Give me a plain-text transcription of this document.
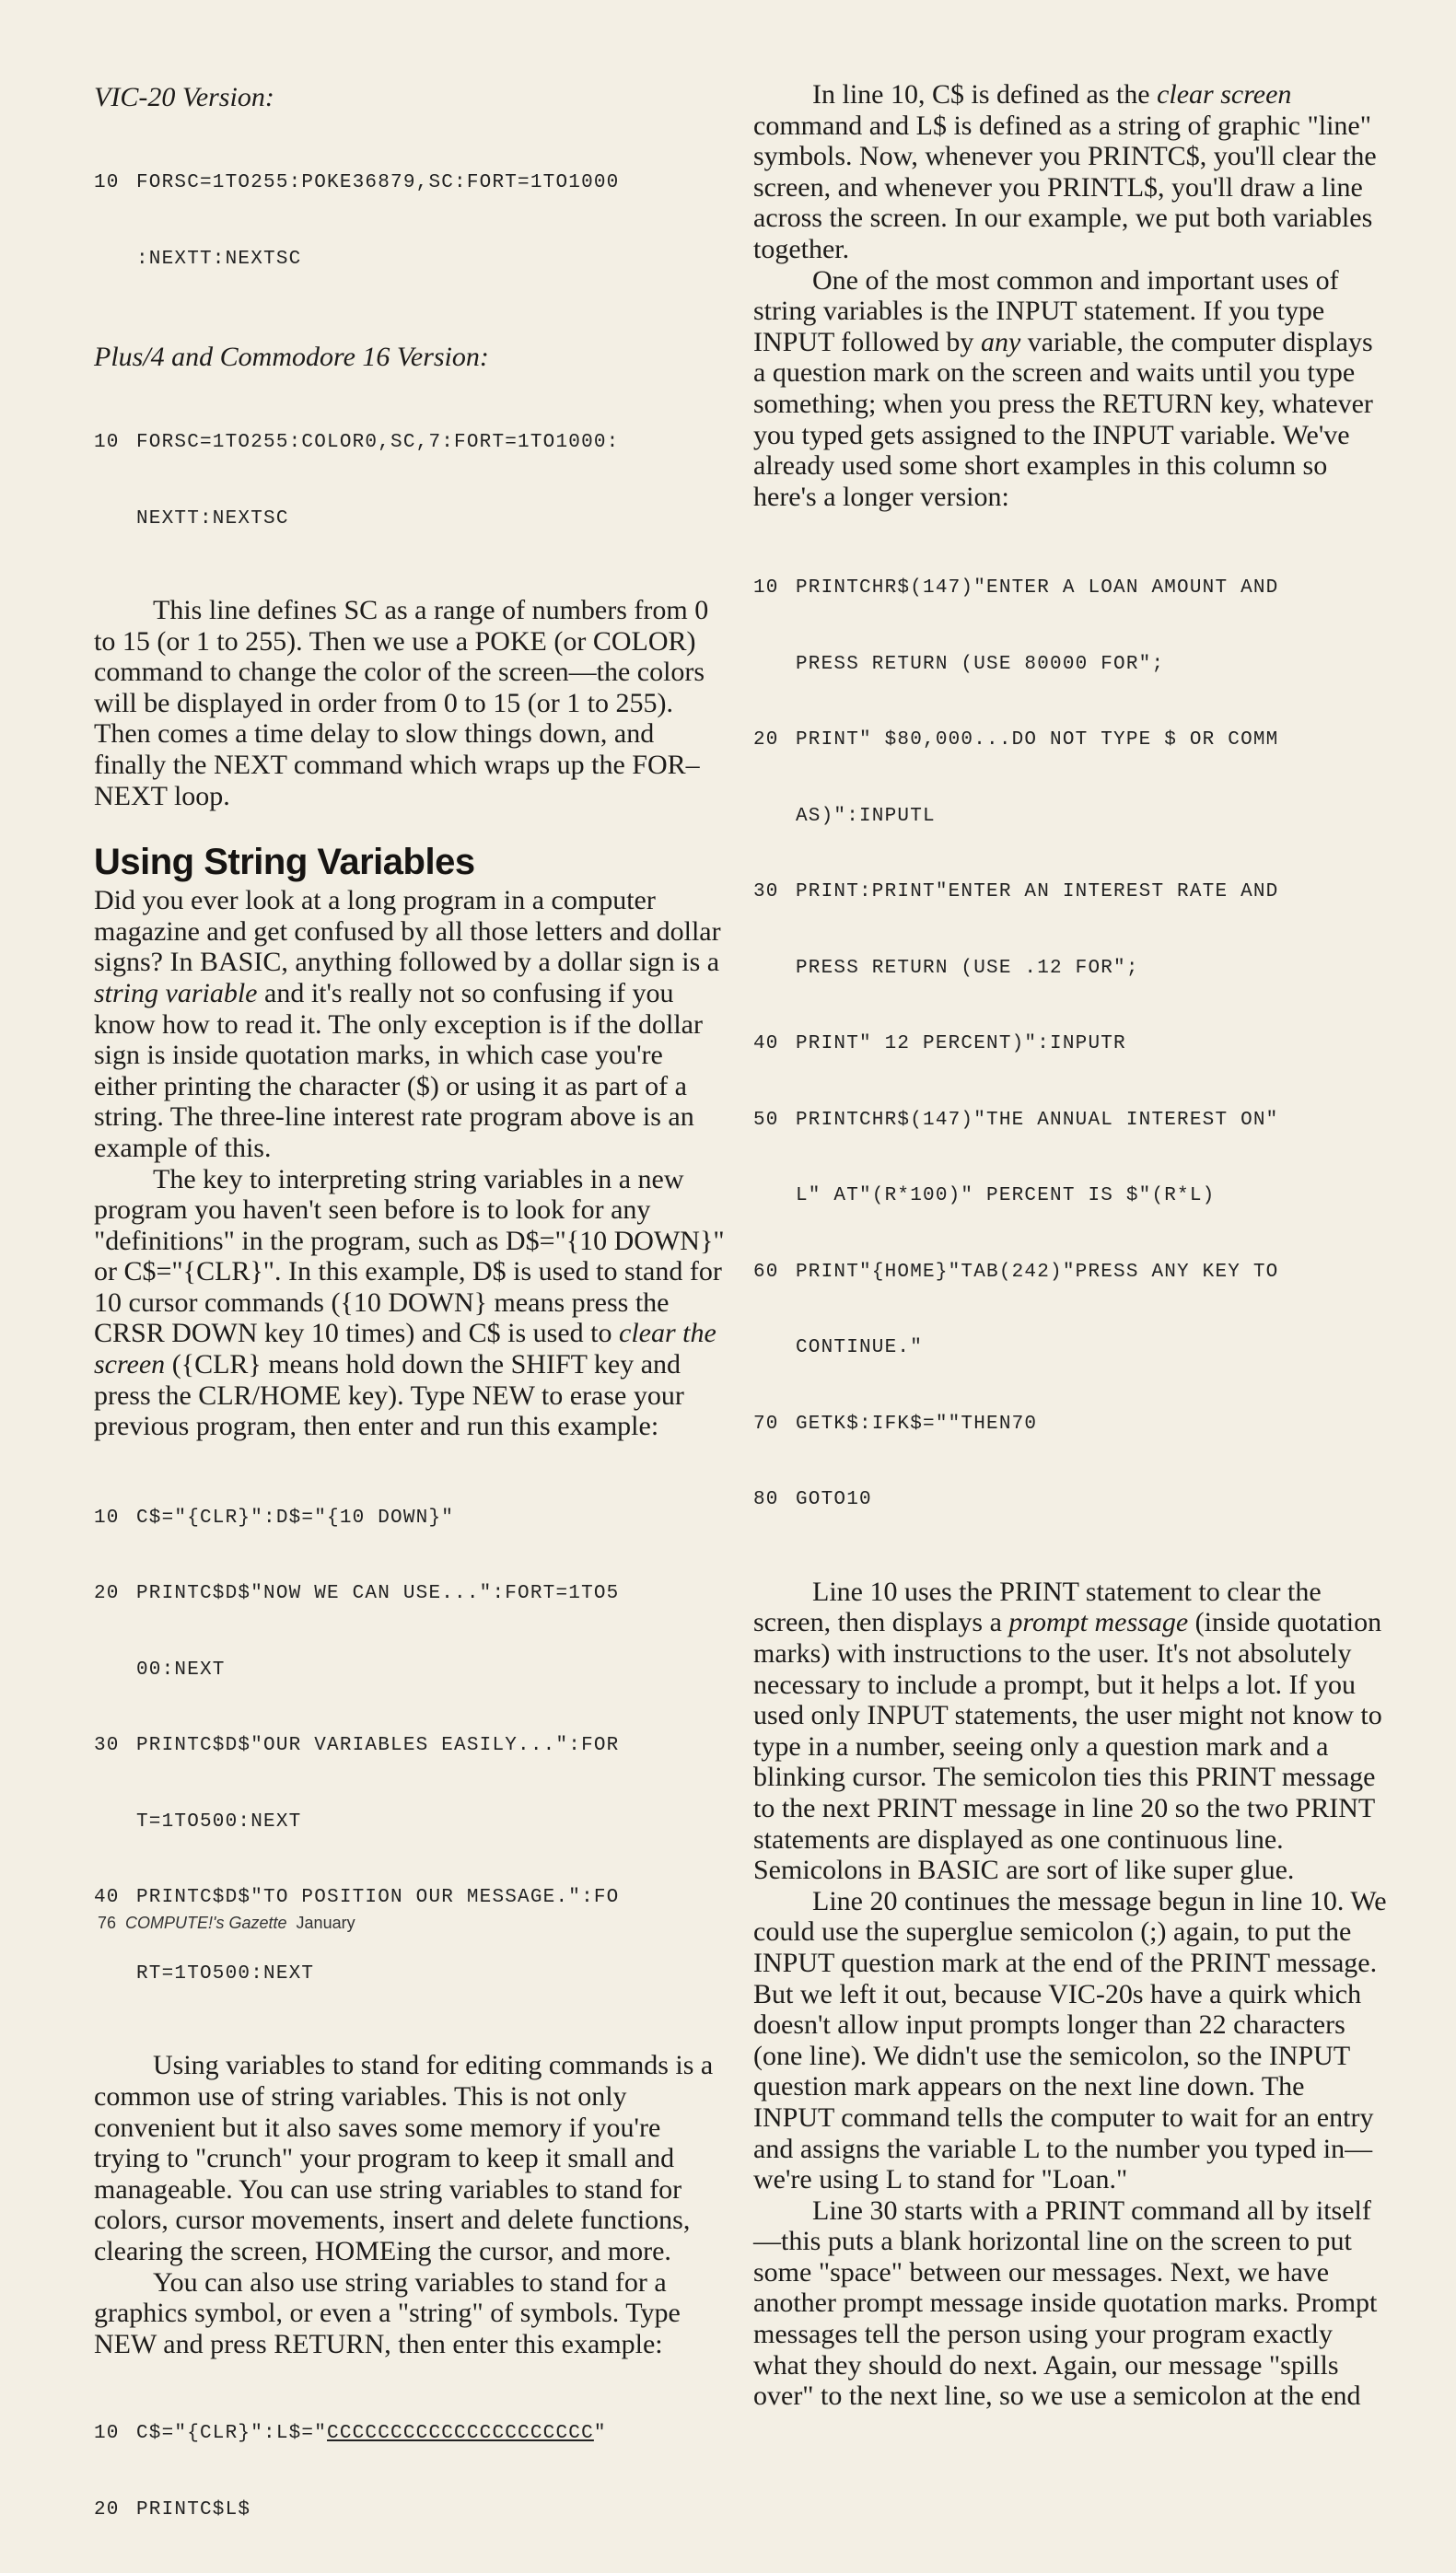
VIC-20 Version:

10 FORSC=1TO255:POKE36879,SC:FORT=1TO1000

:NEXTT:NEXTSC

Plus/4 and Commodore 16 Version:

10 FORSC=1TO255:COLOR0,SC,7:FORT=1TO1000:

NEXTT:NEXTSC

This line defines SC as a range of numbers from 0 to 15 (or 1 to 255). Then we use a POKE (or COLOR) command to change the color of the screen—the colors will be displayed in order from 0 to 15 (or 1 to 255). Then comes a time delay to slow things down, and finally the NEXT command which wraps up the FOR–NEXT loop.

Using String Variables

Did you ever look at a long program in a computer magazine and get confused by all those letters and dollar signs? In BASIC, anything followed by a dollar sign is a string variable and it's really not so confusing if you know how to read it. The only exception is if the dollar sign is inside quotation marks, in which case you're either printing the character ($) or using it as part of a string. The three-line interest rate program above is an example of this.

The key to interpreting string variables in a new program you haven't seen before is to look for any "definitions" in the program, such as D$="{10 DOWN}" or C$="{CLR}". In this example, D$ is used to stand for 10 cursor commands ({10 DOWN} means press the CRSR DOWN key 10 times) and C$ is used to clear the screen ({CLR} means hold down the SHIFT key and press the CLR/HOME key). Type NEW to erase your previous program, then enter and run this example:

10 C$="{CLR}":D$="{10 DOWN}"

20 PRINTC$D$"NOW WE CAN USE...":FORT=1TO5

00:NEXT

30 PRINTC$D$"OUR VARIABLES EASILY...":FOR

T=1TO500:NEXT

40 PRINTC$D$"TO POSITION OUR MESSAGE.":FO

RT=1TO500:NEXT

Using variables to stand for editing commands is a common use of string variables. This is not only convenient but it also saves some memory if you're trying to "crunch" your program to keep it small and manageable. You can use string variables to stand for colors, cursor movements, insert and delete functions, clearing the screen, HOMEing the cursor, and more.

You can also use string variables to stand for a graphics symbol, or even a "string" of symbols. Type NEW and press RETURN, then enter this example:

10 C$="{CLR}":L$="CCCCCCCCCCCCCCCCCCCCC"

20 PRINTC$L$

In line 10, C$ is defined as the clear screen command and L$ is defined as a string of graphic "line" symbols. Now, whenever you PRINTC$, you'll clear the screen, and whenever you PRINTL$, you'll draw a line across the screen. In our example, we put both variables together.

One of the most common and important uses of string variables is the INPUT statement. If you type INPUT followed by any variable, the computer displays a question mark on the screen and waits until you type something; when you press the RETURN key, whatever you typed gets assigned to the INPUT variable. We've already used some short examples in this column so here's a longer version:

10 PRINTCHR$(147)"ENTER A LOAN AMOUNT AND

PRESS RETURN (USE 80000 FOR";

20 PRINT" $80,000...DO NOT TYPE $ OR COMM

AS)":INPUTL

30 PRINT:PRINT"ENTER AN INTEREST RATE AND

PRESS RETURN (USE .12 FOR";

40 PRINT" 12 PERCENT)":INPUTR

50 PRINTCHR$(147)"THE ANNUAL INTEREST ON"

L" AT"(R*100)" PERCENT IS $"(R*L)

60 PRINT"{HOME}"TAB(242)"PRESS ANY KEY TO

CONTINUE."

70 GETK$:IFK$=""THEN70

80 GOTO10

Line 10 uses the PRINT statement to clear the screen, then displays a prompt message (inside quotation marks) with instructions to the user. It's not absolutely necessary to include a prompt, but it helps a lot. If you used only INPUT statements, the user might not know to type in a number, seeing only a question mark and a blinking cursor. The semicolon ties this PRINT message to the next PRINT message in line 20 so the two PRINT statements are displayed as one continuous line. Semicolons in BASIC are sort of like super glue.

Line 20 continues the message begun in line 10. We could use the superglue semicolon (;) again, to put the INPUT question mark at the end of the PRINT message. But we left it out, because VIC-20s have a quirk which doesn't allow input prompts longer than 22 characters (one line). We didn't use the semicolon, so the INPUT question mark appears on the next line down. The INPUT command tells the computer to wait for an entry and assigns the variable L to the number you typed in—we're using L to stand for "Loan."

Line 30 starts with a PRINT command all by itself—this puts a blank horizontal line on the screen to put some "space" between our messages. Next, we have another prompt message inside quotation marks. Prompt messages tell the person using your program exactly what they should do next. Again, our message "spills over" to the next line, so we use a semicolon at the end

76 COMPUTE!'s Gazette January
